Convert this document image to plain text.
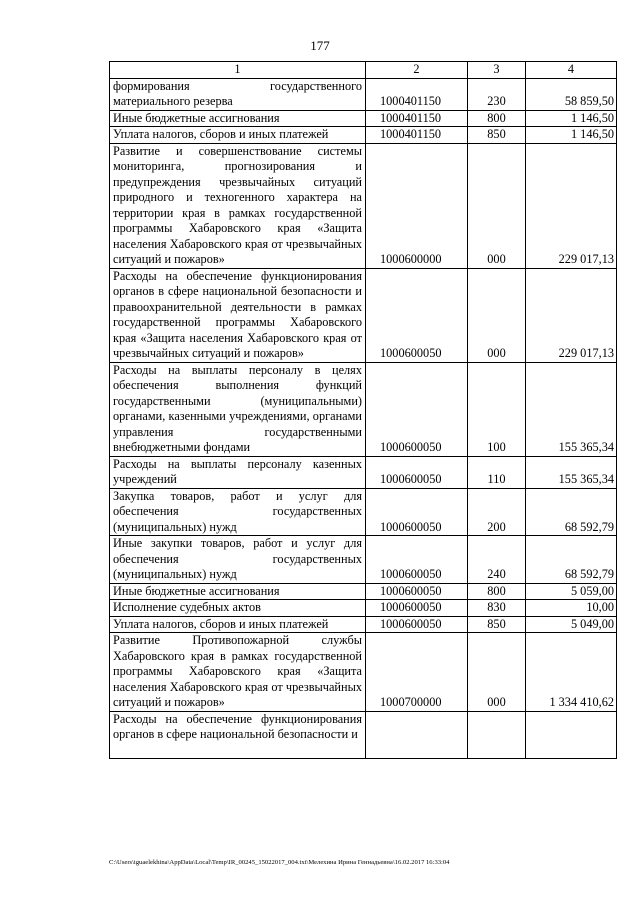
177
1	2	3	4
формирования государственного материального резерва	1000401150	230	58 859,50
Иные бюджетные ассигнования	1000401150	800	1 146,50
Уплата налогов, сборов и иных платежей	1000401150	850	1 146,50
Развитие и совершенствование системы мониторинга, прогнозирования и предупреждения чрезвычайных ситуаций природного и техногенного характера на территории края в рамках государственной программы Хабаровского края «Защита населения Хабаровского края от чрезвычайных ситуаций и пожаров»	1000600000	000	229 017,13
Расходы на обеспечение функционирования органов в сфере национальной безопасности и правоохранительной деятельности в рамках государственной программы Хабаровского края «Защита населения Хабаровского края от чрезвычайных ситуаций и пожаров»	1000600050	000	229 017,13
Расходы на выплаты персоналу в целях обеспечения выполнения функций государственными (муниципальными) органами, казенными учреждениями, органами управления государственными внебюджетными фондами	1000600050	100	155 365,34
Расходы на выплаты персоналу казенных учреждений	1000600050	110	155 365,34
Закупка товаров, работ и услуг для обеспечения государственных (муниципальных) нужд	1000600050	200	68 592,79
Иные закупки товаров, работ и услуг для обеспечения государственных (муниципальных) нужд	1000600050	240	68 592,79
Иные бюджетные ассигнования	1000600050	800	5 059,00
Исполнение судебных актов	1000600050	830	10,00
Уплата налогов, сборов и иных платежей	1000600050	850	5 049,00
Развитие Противопожарной службы Хабаровского края в рамках государственной программы Хабаровского края «Защита населения Хабаровского края от чрезвычайных ситуаций и пожаров»	1000700000	000	1 334 410,62
Расходы на обеспечение функционирования органов в сфере национальной безопасности и			
C:\Users\iguaelekhina\AppData\Local\Temp\IR_00245_15022017_004.txt\Мелехина Ирина Геннадьевна\16.02.2017 16:33:04
